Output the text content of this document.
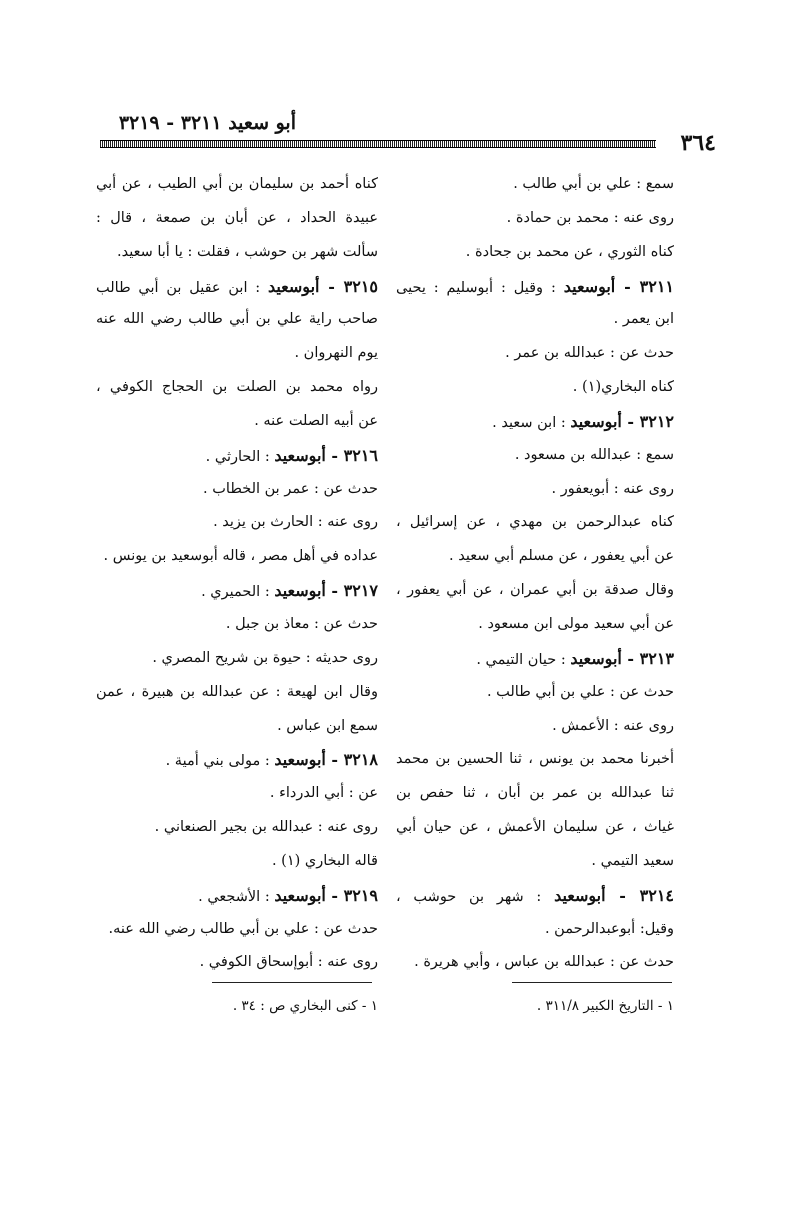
أبو سعيد ٣٢١١ - ٣٢١٩
٣٦٤
سمع : علي بن أبي طالب .
روى عنه : محمد بن حمادة .
كناه الثوري ، عن محمد بن جحادة .
٣٢١١ - أبوسعيد : وقيل : أبوسليم : يحيى
ابن يعمر .
حدث عن : عبدالله بن عمر .
كناه البخاري(١) .
٣٢١٢ - أبوسعيد : ابن سعيد .
سمع : عبدالله بن مسعود .
روى عنه : أبويعفور .
كناه عبدالرحمن بن مهدي ، عن إسرائيل ،
عن أبي يعفور ، عن مسلم أبي سعيد .
وقال صدقة بن أبي عمران ، عن أبي يعفور ،
عن أبي سعيد مولى ابن مسعود .
٣٢١٣ - أبوسعيد : حيان التيمي .
حدث عن : علي بن أبي طالب .
روى عنه : الأعمش .
أخبرنا محمد بن يونس ، ثنا الحسين بن محمد
ثنا عبدالله بن عمر بن أبان ، ثنا حفص بن
غياث ، عن سليمان الأعمش ، عن حيان أبي
سعيد التيمي .
٣٢١٤ - أبوسعيد : شهر بن حوشب ،
وقيل: أبوعبدالرحمن .
حدث عن : عبدالله بن عباس ، وأبي هريرة .
كناه أحمد بن سليمان بن أبي الطيب ، عن أبي
عبيدة الحداد ، عن أبان بن صمعة ، قال :
سألت شهر بن حوشب ، فقلت : يا أبا سعيد.
٣٢١٥ - أبوسعيد : ابن عقيل بن أبي طالب
صاحب راية علي بن أبي طالب رضي الله عنه
يوم النهروان .
رواه محمد بن الصلت بن الحجاج الكوفي ،
عن أبيه الصلت عنه .
٣٢١٦ - أبوسعيد : الحارثي .
حدث عن : عمر بن الخطاب .
روى عنه : الحارث بن يزيد .
عداده في أهل مصر ، قاله أبوسعيد بن يونس .
٣٢١٧ - أبوسعيد : الحميري .
حدث عن : معاذ بن جبل .
روى حديثه : حيوة بن شريح المصري .
وقال ابن لهيعة : عن عبدالله بن هبيرة ، عمن
سمع ابن عباس .
٣٢١٨ - أبوسعيد : مولى بني أمية .
عن : أبي الدرداء .
روى عنه : عبدالله بن بجير الصنعاني .
قاله البخاري (١) .
٣٢١٩ - أبوسعيد : الأشجعي .
حدث عن : علي بن أبي طالب رضي الله عنه.
روى عنه : أبوإسحاق الكوفي .
١ - التاريخ الكبير ٣١١/٨ .
١ - كنى البخاري ص : ٣٤ .
